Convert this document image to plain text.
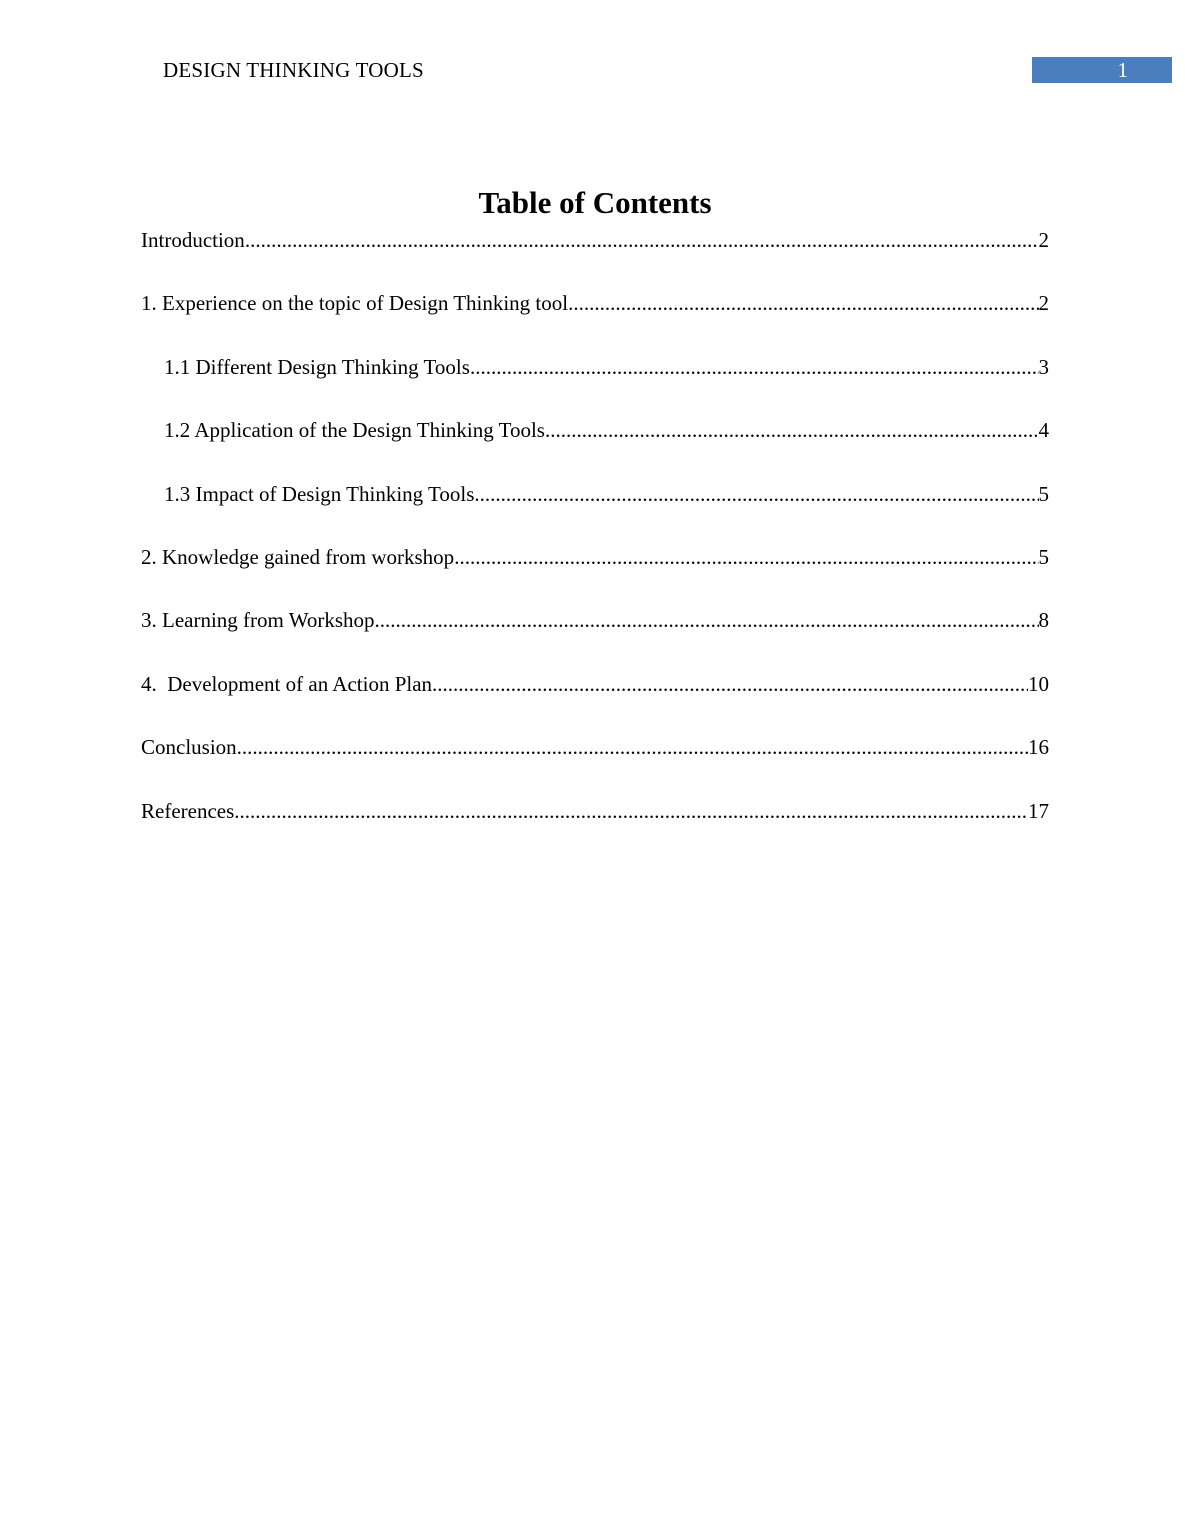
DESIGN THINKING TOOLS	1
Table of Contents
Introduction .....	2
1. Experience on the topic of Design Thinking tool .....	2
1.1 Different Design Thinking Tools .....	3
1.2 Application of the Design Thinking Tools .....	4
1.3 Impact of Design Thinking Tools .....	5
2. Knowledge gained from workshop .....	5
3. Learning from Workshop .....	8
4.  Development of an Action Plan .....	10
Conclusion .....	16
References .....	17
